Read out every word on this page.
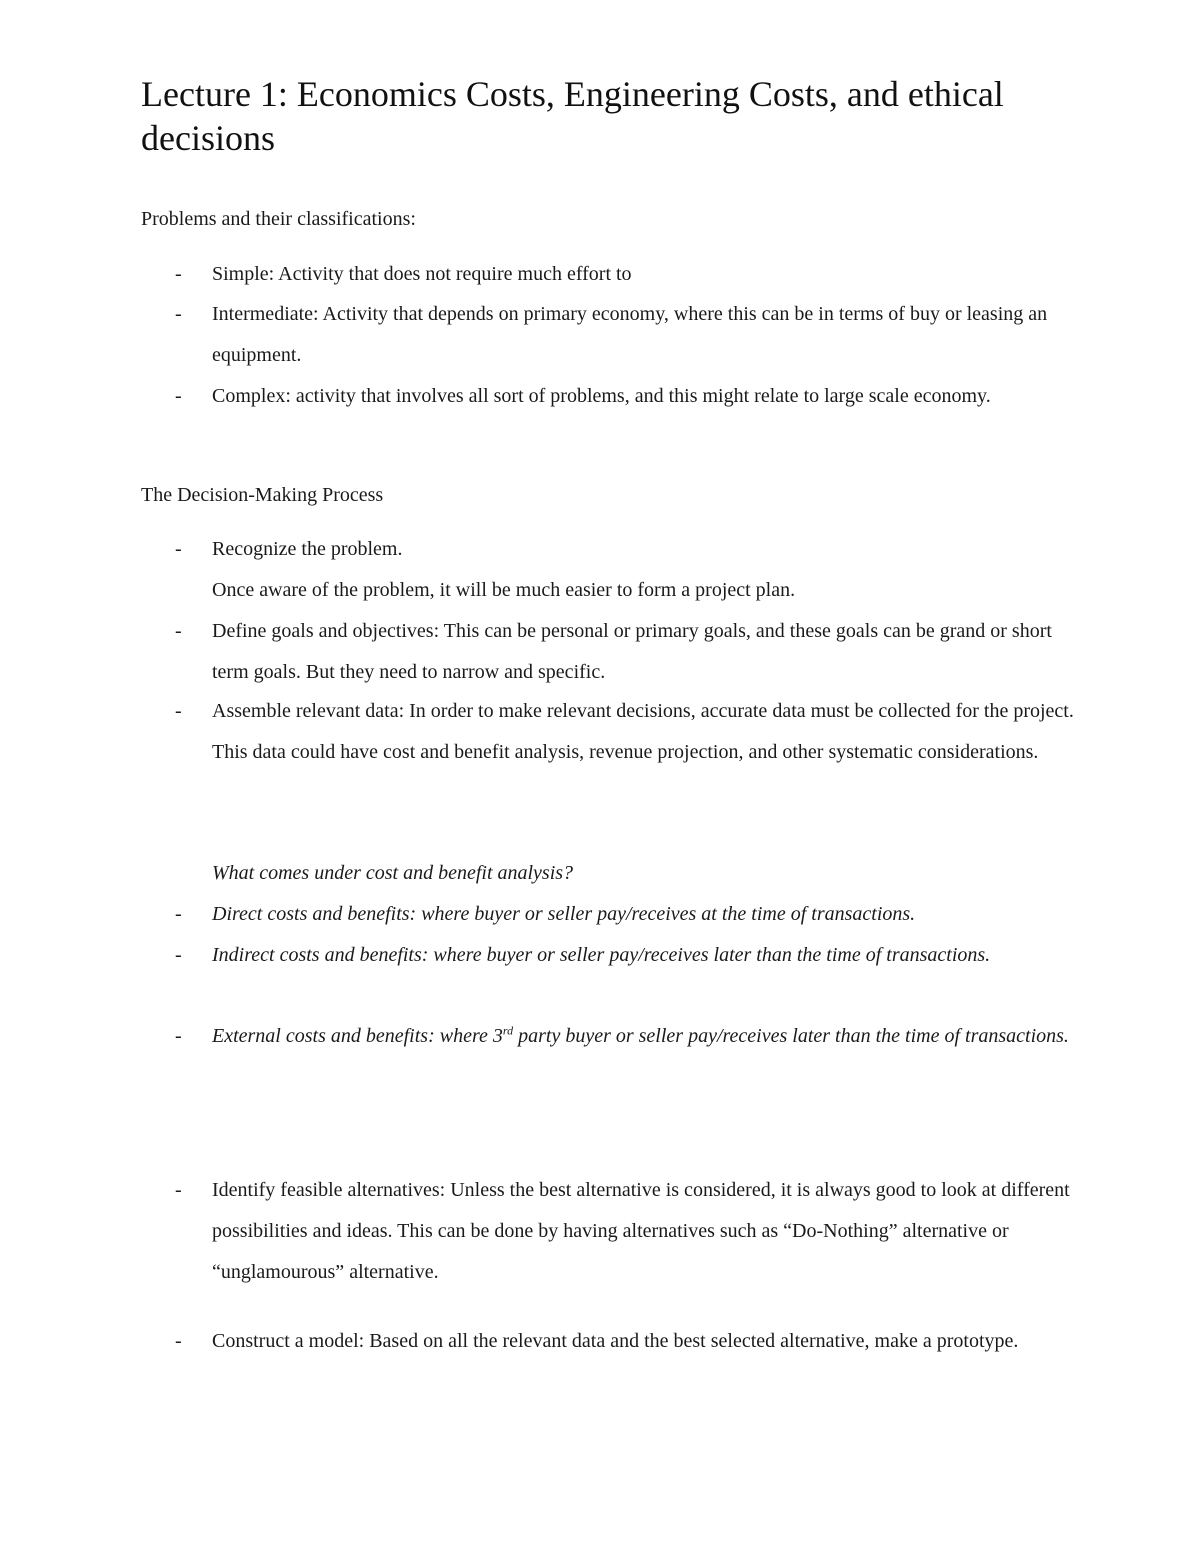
Lecture 1: Economics Costs, Engineering Costs, and ethical decisions

Problems and their classifications:

-	Simple: Activity that does not require much effort to
-	Intermediate: Activity that depends on primary economy, where this can be in terms of buy or leasing an equipment.
-	Complex: activity that involves all sort of problems, and this might relate to large scale economy.

The Decision-Making Process

-	Recognize the problem.
Once aware of the problem, it will be much easier to form a project plan.
-	Define goals and objectives: This can be personal or primary goals, and these goals can be grand or short term goals. But they need to narrow and specific.
-	Assemble relevant data: In order to make relevant decisions, accurate data must be collected for the project. This data could have cost and benefit analysis, revenue projection, and other systematic considerations.
What comes under cost and benefit analysis?
-	Direct costs and benefits: where buyer or seller pay/receives at the time of transactions.
-	Indirect costs and benefits: where buyer or seller pay/receives later than the time of transactions.
-	External costs and benefits: where 3rd party buyer or seller pay/receives later than the time of transactions.
-	Identify feasible alternatives: Unless the best alternative is considered, it is always good to look at different possibilities and ideas. This can be done by having alternatives such as “Do-Nothing” alternative or “unglamourous” alternative.
-	Construct a model: Based on all the relevant data and the best selected alternative, make a prototype.
